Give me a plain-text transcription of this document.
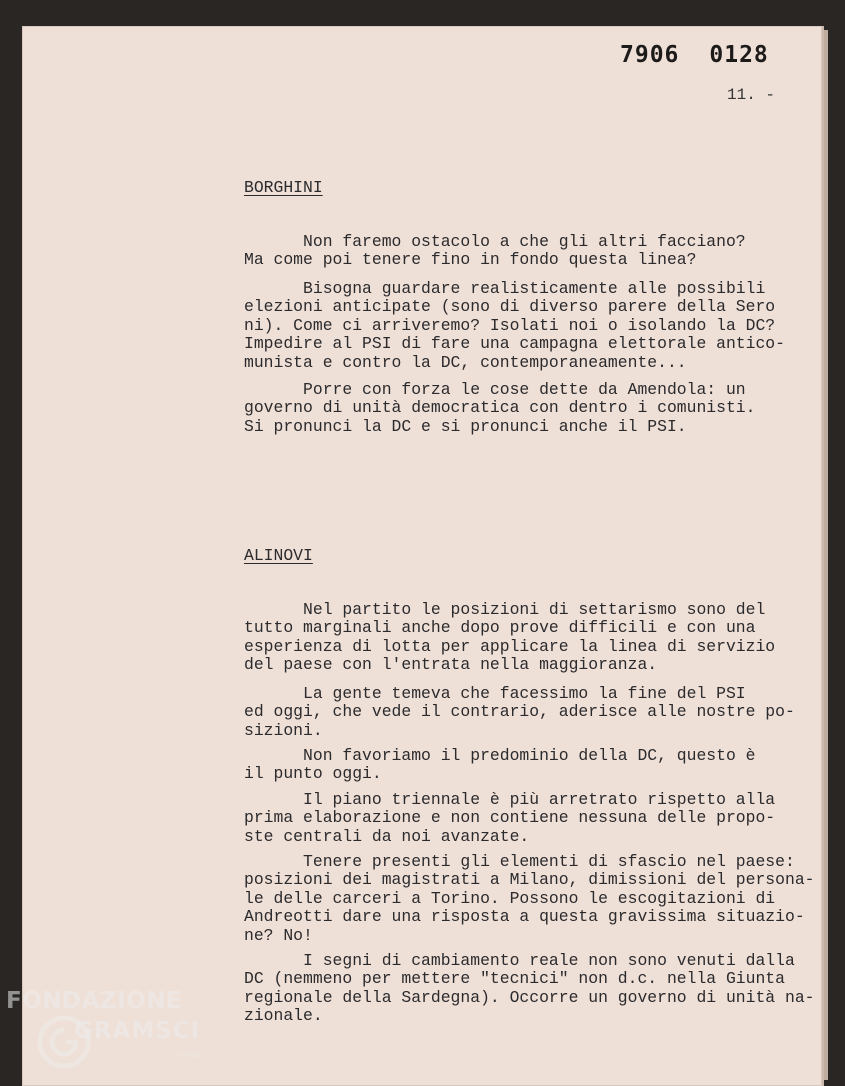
7906 0128
11. -
BORGHINI
Non faremo ostacolo a che gli altri facciano?
Ma come poi tenere fino in fondo questa linea?
Bisogna guardare realisticamente alle possibili
elezioni anticipate (sono di diverso parere della Sero
ni). Come ci arriveremo? Isolati noi o isolando la DC?
Impedire al PSI di fare una campagna elettorale antico-
munista e contro la DC, contemporaneamente...
Porre con forza le cose dette da Amendola: un
governo di unità democratica con dentro i comunisti.
Si pronunci la DC e si pronunci anche il PSI.
ALINOVI
Nel partito le posizioni di settarismo sono del
tutto marginali anche dopo prove difficili e con una
esperienza di lotta per applicare la linea di servizio
del paese con l'entrata nella maggioranza.
La gente temeva che facessimo la fine del PSI
ed oggi, che vede il contrario, aderisce alle nostre po-
sizioni.
Non favoriamo il predominio della DC, questo è
il punto oggi.
Il piano triennale è più arretrato rispetto alla
prima elaborazione e non contiene nessuna delle propo-
ste centrali da noi avanzate.
Tenere presenti gli elementi di sfascio nel paese:
posizioni dei magistrati a Milano, dimissioni del persona-
le delle carceri a Torino. Possono le escogitazioni di
Andreotti dare una risposta a questa gravissima situazio-
ne? No!
I segni di cambiamento reale non sono venuti dalla
DC (nemmeno per mettere "tecnici" non d.c. nella Giunta
regionale della Sardegna). Occorre un governo di unità na-
zionale.
FONDAZIONE
GRAMSCI
onlus
